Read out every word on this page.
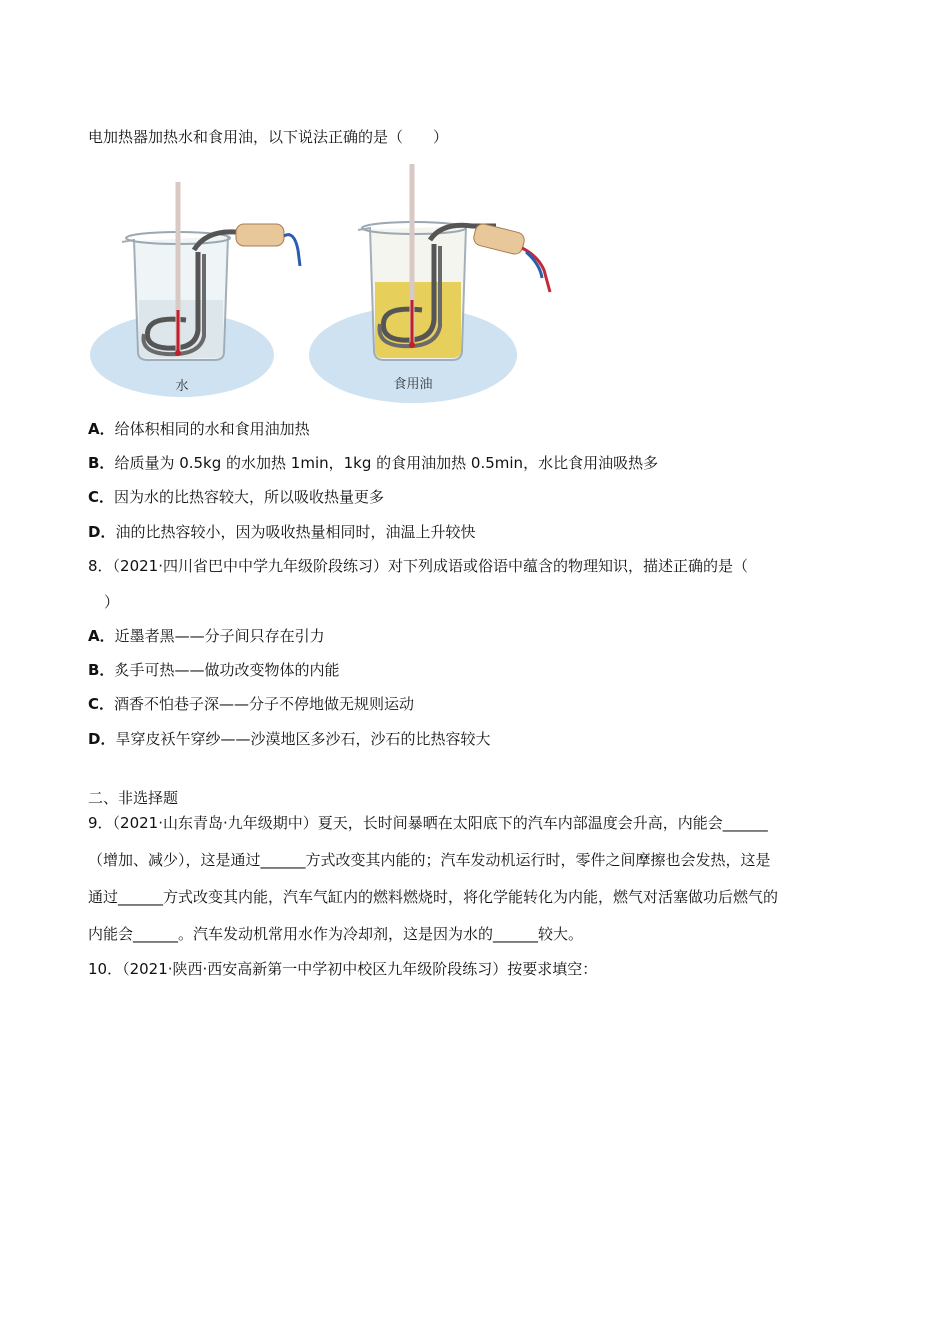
电加热器加热水和食用油，以下说法正确的是（　　）
水	食用油
A．给体积相同的水和食用油加热
B．给质量为 0.5kg 的水加热 1min，1kg 的食用油加热 0.5min，水比食用油吸热多
C．因为水的比热容较大，所以吸收热量更多
D．油的比热容较小，因为吸收热量相同时，油温上升较快
8．（2021·四川省巴中中学九年级阶段练习）对下列成语或俗语中蕴含的物理知识，描述正确的是（
）
A．近墨者黑——分子间只存在引力
B．炙手可热——做功改变物体的内能
C．酒香不怕巷子深——分子不停地做无规则运动
D．旱穿皮袄午穿纱——沙漠地区多沙石，沙石的比热容较大
二、非选择题
9．（2021·山东青岛·九年级期中）夏天，长时间暴晒在太阳底下的汽车内部温度会升高，内能会______
（增加、减少），这是通过______方式改变其内能的；汽车发动机运行时，零件之间摩擦也会发热，这是
通过______方式改变其内能，汽车气缸内的燃料燃烧时，将化学能转化为内能，燃气对活塞做功后燃气的
内能会______。汽车发动机常用水作为冷却剂，这是因为水的______较大。
10．（2021·陕西·西安高新第一中学初中校区九年级阶段练习）按要求填空：
